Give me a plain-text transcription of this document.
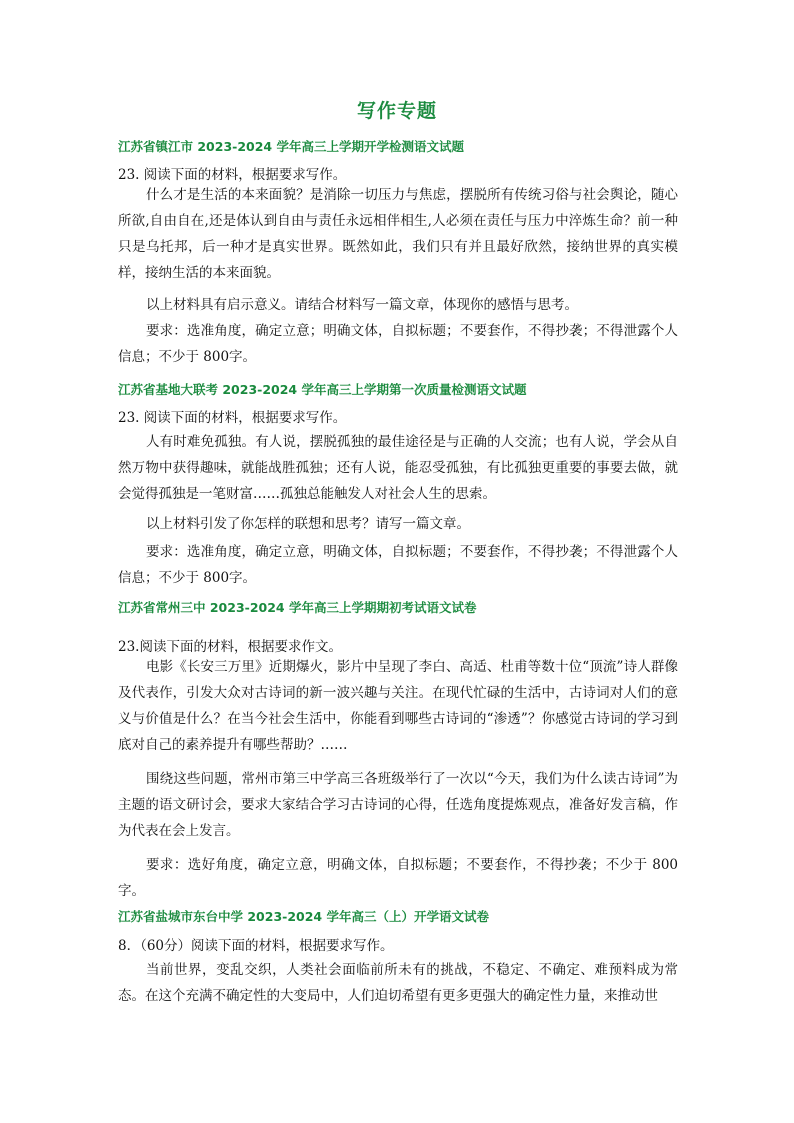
写作专题
江苏省镇江市 2023-2024 学年高三上学期开学检测语文试题
23. 阅读下面的材料，根据要求写作。
什么才是生活的本来面貌？是消除一切压力与焦虑，摆脱所有传统习俗与社会舆论，随心所欲,自由自在,还是体认到自由与责任永远相伴相生,人必须在责任与压力中淬炼生命？前一种只是乌托邦，后一种才是真实世界。既然如此，我们只有并且最好欣然，接纳世界的真实模样，接纳生活的本来面貌。
以上材料具有启示意义。请结合材料写一篇文章，体现你的感悟与思考。
要求：选准角度，确定立意；明确文体，自拟标题；不要套作，不得抄袭；不得泄露个人信息；不少于 800字。
江苏省基地大联考 2023-2024 学年高三上学期第一次质量检测语文试题
23. 阅读下面的材料，根据要求写作。
人有时难免孤独。有人说，摆脱孤独的最佳途径是与正确的人交流；也有人说，学会从自然万物中获得趣味，就能战胜孤独；还有人说，能忍受孤独，有比孤独更重要的事要去做，就会觉得孤独是一笔财富……孤独总能触发人对社会人生的思索。
以上材料引发了你怎样的联想和思考？请写一篇文章。
要求：选准角度，确定立意，明确文体，自拟标题；不要套作，不得抄袭；不得泄露个人信息；不少于 800字。
江苏省常州三中 2023-2024 学年高三上学期期初考试语文试卷
23.阅读下面的材料，根据要求作文。
电影《长安三万里》近期爆火，影片中呈现了李白、高适、杜甫等数十位“顶流”诗人群像及代表作，引发大众对古诗词的新一波兴趣与关注。在现代忙碌的生活中，古诗词对人们的意义与价值是什么？在当今社会生活中，你能看到哪些古诗词的“渗透”？你感觉古诗词的学习到底对自己的素养提升有哪些帮助？……
围绕这些问题，常州市第三中学高三各班级举行了一次以“今天，我们为什么读古诗词”为主题的语文研讨会，要求大家结合学习古诗词的心得，任选角度提炼观点，准备好发言稿，作为代表在会上发言。
要求：选好角度，确定立意，明确文体，自拟标题；不要套作，不得抄袭；不少于 800字。
江苏省盐城市东台中学 2023-2024 学年高三（上）开学语文试卷
8．（60分）阅读下面的材料，根据要求写作。
当前世界，变乱交织，人类社会面临前所未有的挑战，不稳定、不确定、难预料成为常态。在这个充满不确定性的大变局中，人们迫切希望有更多更强大的确定性力量，来推动世
